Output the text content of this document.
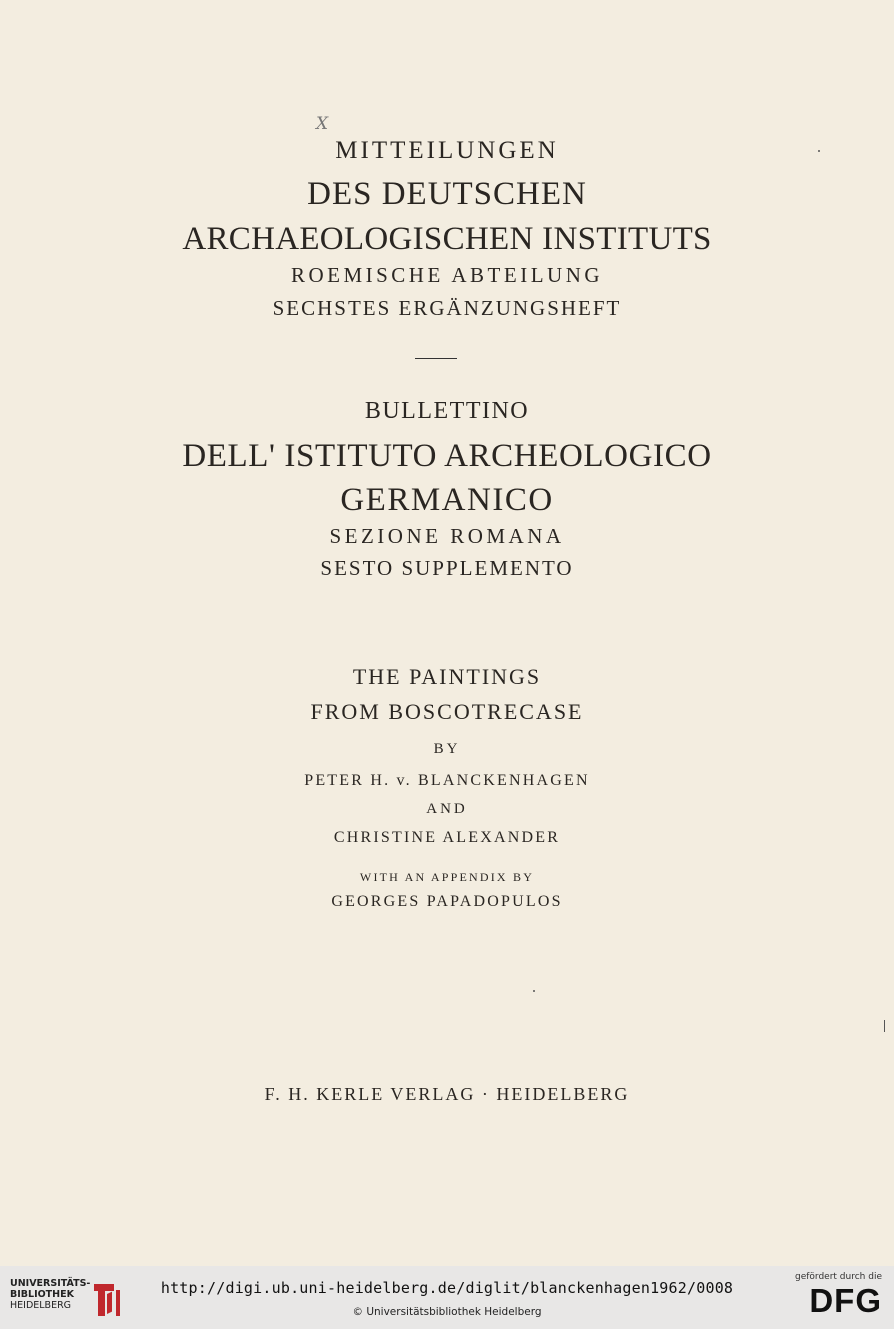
X
MITTEILUNGEN
DES DEUTSCHEN
ARCHAEOLOGISCHEN INSTITUTS
ROEMISCHE ABTEILUNG
SECHSTES ERGÄNZUNGSHEFT
BULLETTINO
DELL' ISTITUTO ARCHEOLOGICO
GERMANICO
SEZIONE ROMANA
SESTO SUPPLEMENTO
THE PAINTINGS
FROM BOSCOTRECASE
BY
PETER H. v. BLANCKENHAGEN
AND
CHRISTINE ALEXANDER
WITH AN APPENDIX BY
GEORGES PAPADOPULOS
F. H. KERLE VERLAG · HEIDELBERG
UNIVERSITÄTS-
BIBLIOTHEK
HEIDELBERG
http://digi.ub.uni-heidelberg.de/diglit/blanckenhagen1962/0008
© Universitätsbibliothek Heidelberg
gefördert durch die
DFG
